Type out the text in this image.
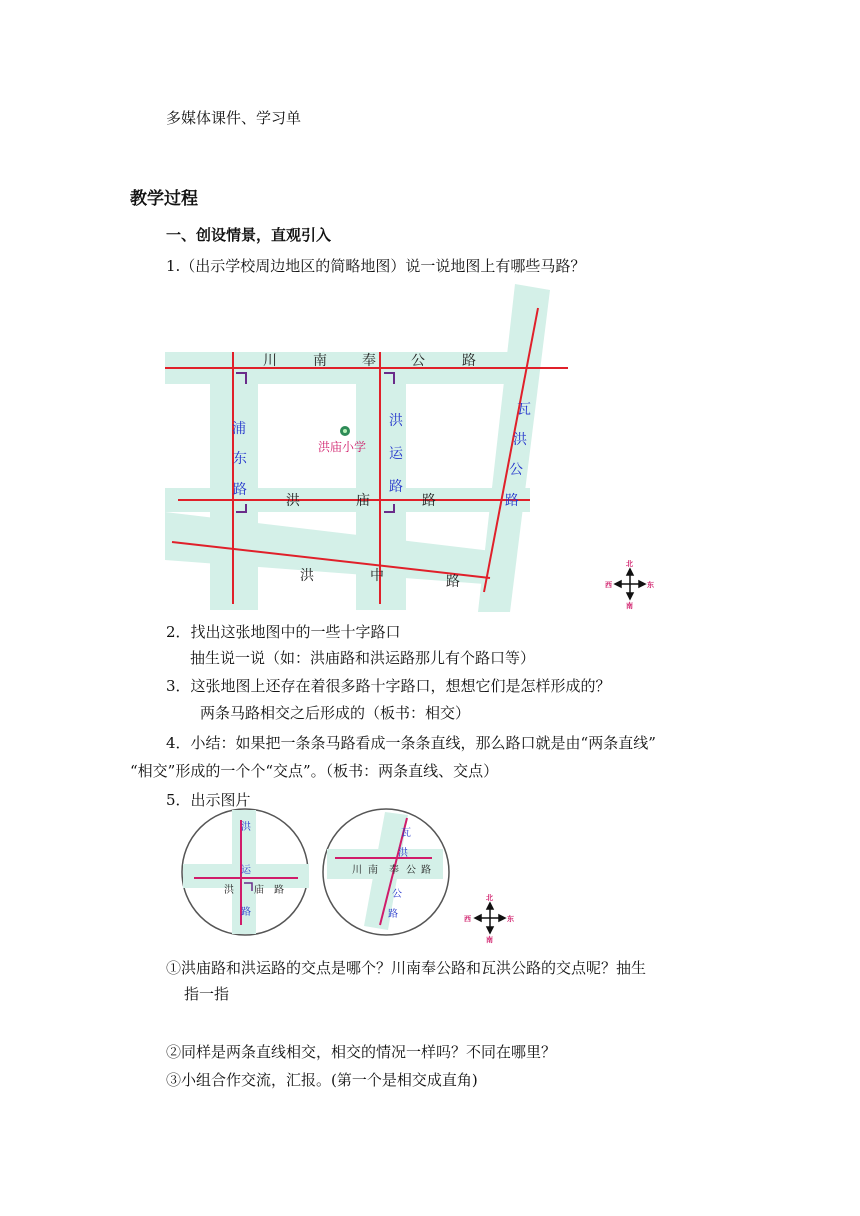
多媒体课件、学习单
教学过程
一、创设情景，直观引入
1.（出示学校周边地区的简略地图）说一说地图上有哪些马路？
川	南	奉	公	路
浦
东
路
洪
运
路
瓦
洪
公
路
洪	庙	路
洪	中	路
洪庙小学
北
南
西	东
洪
运
路
洪 庙 路
瓦
洪
公
路
川 南 奉 公 路
北
南
西	东
2．找出这张地图中的一些十字路口
抽生说一说（如：洪庙路和洪运路那儿有个路口等）
3．这张地图上还存在着很多路十字路口，想想它们是怎样形成的？
两条马路相交之后形成的（板书：相交）
4．小结：如果把一条条马路看成一条条直线，那么路口就是由“两条直线”
“相交”形成的一个个“交点”。（板书：两条直线、交点）
5．出示图片
①洪庙路和洪运路的交点是哪个？川南奉公路和瓦洪公路的交点呢？抽生
指一指
②同样是两条直线相交，相交的情况一样吗？不同在哪里？
③小组合作交流，汇报。(第一个是相交成直角)
